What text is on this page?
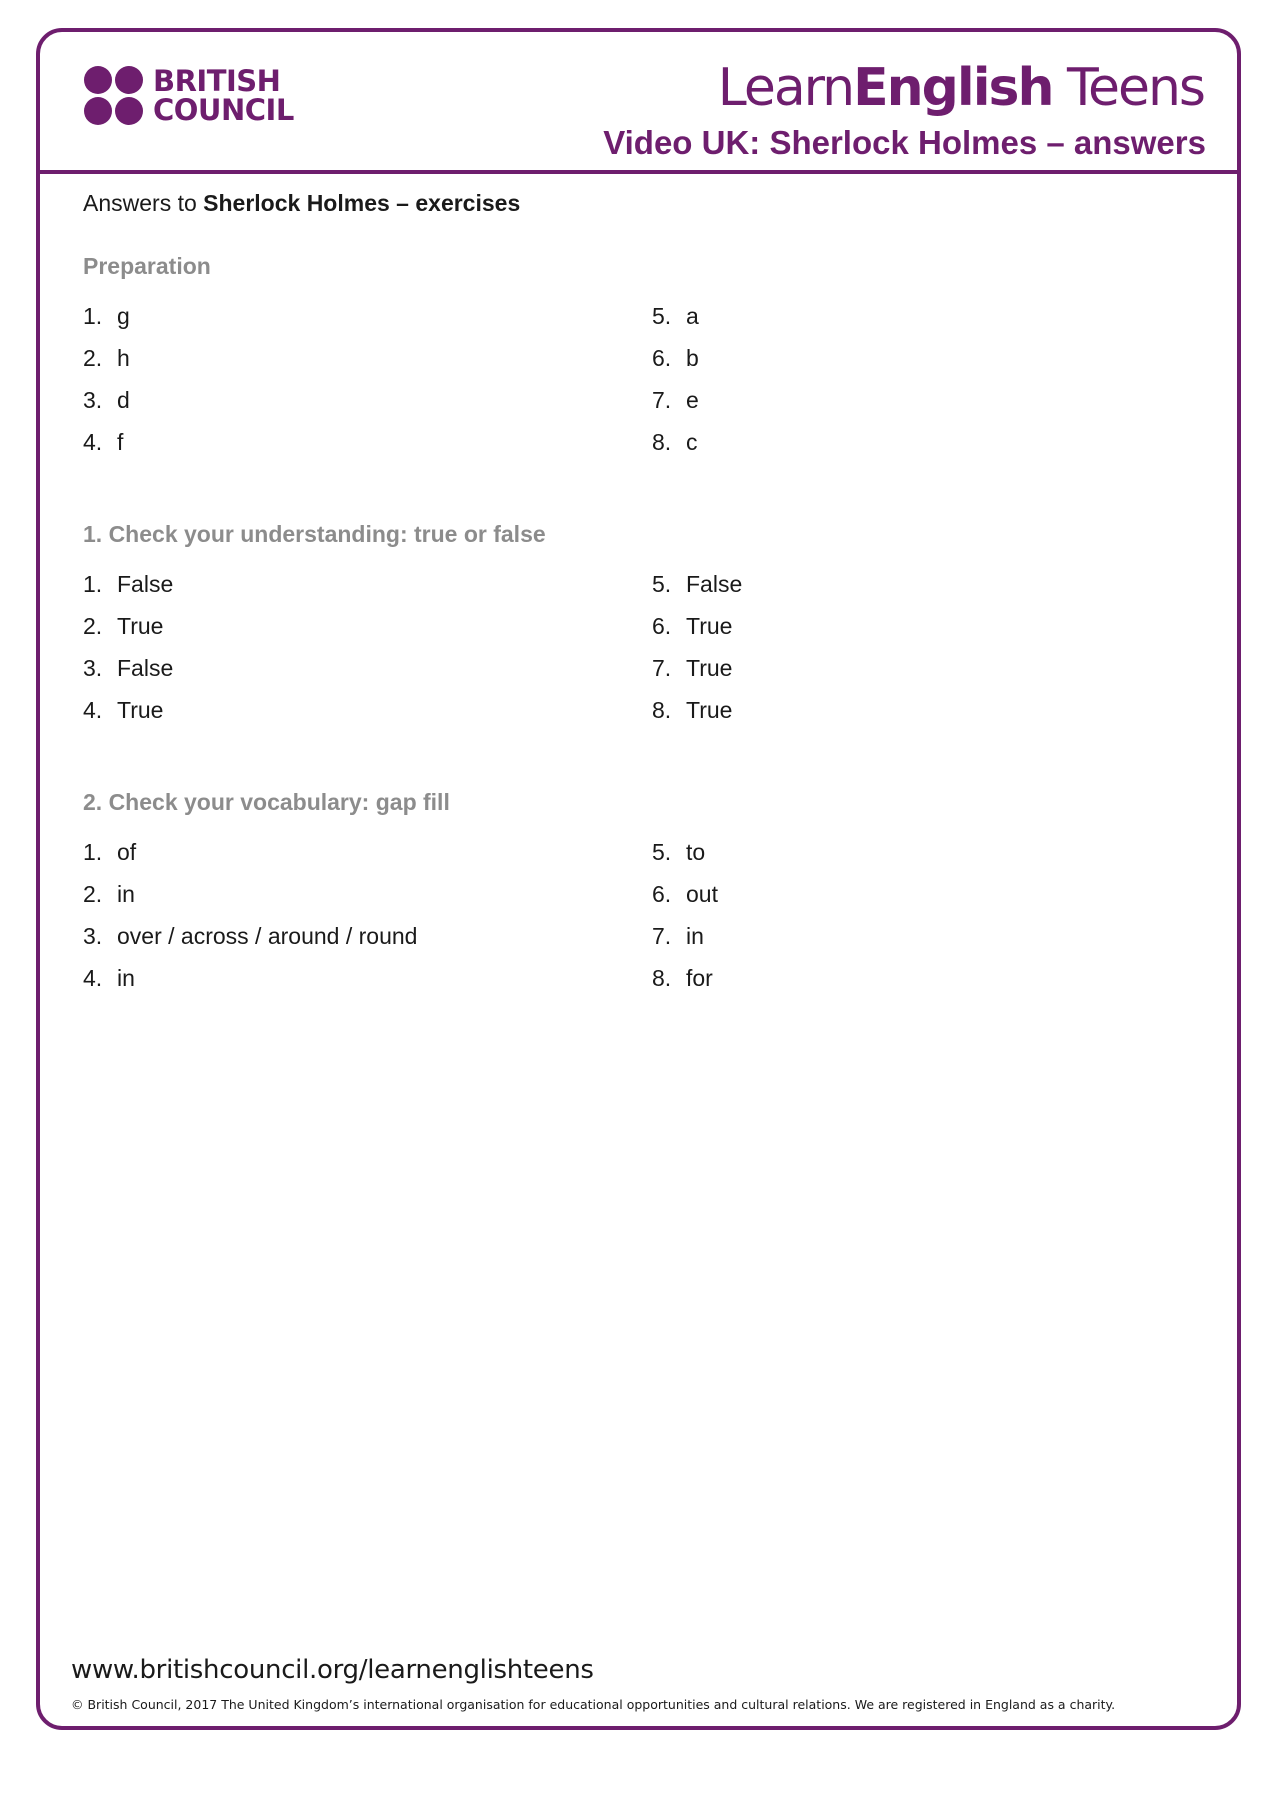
BRITISH
COUNCIL	LearnEnglish Teens
Video UK: Sherlock Holmes – answers
Answers to Sherlock Holmes – exercises
Preparation
1. g
2. h
3. d
4. f
5. a
6. b
7. e
8. c
1. Check your understanding: true or false
1. False
2. True
3. False
4. True
5. False
6. True
7. True
8. True
2. Check your vocabulary: gap fill
1. of
2. in
3. over / across / around / round
4. in
5. to
6. out
7. in
8. for
www.britishcouncil.org/learnenglishteens
© British Council, 2017 The United Kingdom’s international organisation for educational opportunities and cultural relations. We are registered in England as a charity.
